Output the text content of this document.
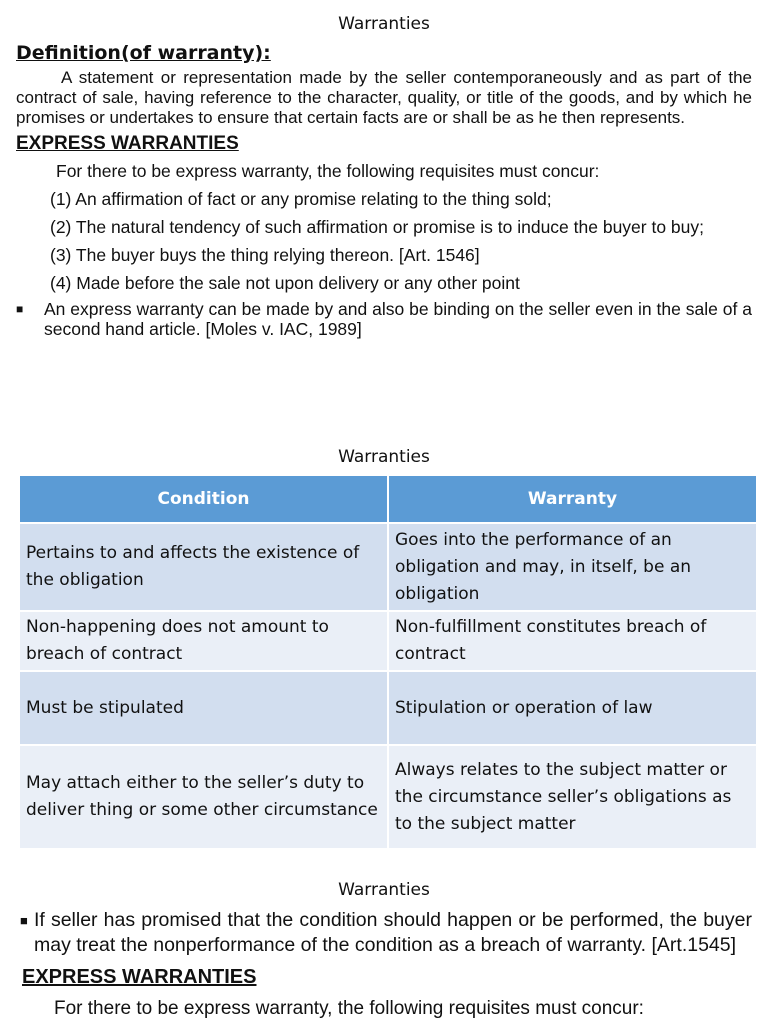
Warranties
Definition(of warranty):
A statement or representation made by the seller contemporaneously and as part of the contract of sale, having reference to the character, quality, or title of the goods, and by which he promises or undertakes to ensure that certain facts are or shall be as he then represents.
EXPRESS WARRANTIES
For there to be express warranty, the following requisites must concur:
(1) An affirmation of fact or any promise relating to the thing sold;
(2) The natural tendency of such affirmation or promise is to induce the buyer to buy;
(3) The buyer buys the thing relying thereon. [Art. 1546]
(4) Made before the sale not upon delivery or any other point
■	An express warranty can be made by and also be binding on the seller even in the sale of a second hand article. [Moles v. IAC, 1989]
Warranties
Condition	Warranty
Pertains to and affects the existence of the obligation	Goes into the performance of an obligation and may, in itself, be an obligation
Non-happening does not amount to breach of contract	Non-fulfillment constitutes breach of contract
Must be stipulated	Stipulation or operation of law
May attach either to the seller’s duty to deliver thing or some other circumstance	Always relates to the subject matter or the circumstance seller’s obligations as to the subject matter
Warranties
■ If seller has promised that the condition should happen or be performed, the buyer may treat the nonperformance of the condition as a breach of warranty. [Art.1545]
EXPRESS WARRANTIES
For there to be express warranty, the following requisites must concur:
